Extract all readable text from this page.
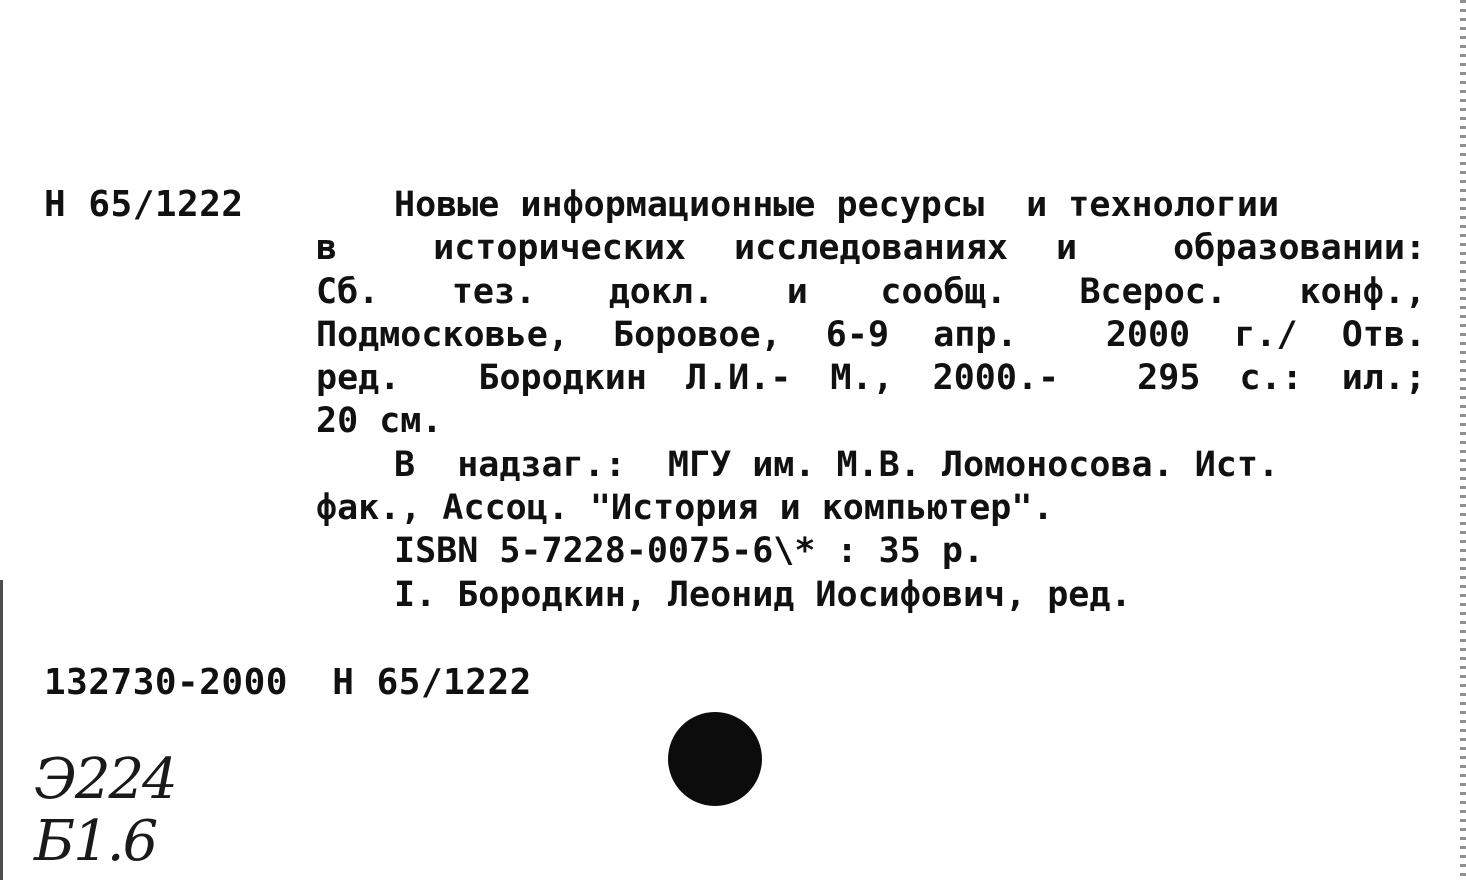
Н 65/1222	Новые информационные ресурсы  и технологии
в  исторических исследованиях и  образовании:
Сб.  тез.  докл.  и  сообщ.  Всерос.  конф.,
Подмосковье, Боровое, 6-9 апр.  2000 г./ Отв.
ред.  Бородкин Л.И.- М., 2000.-  295 с.: ил.;
20 см.
В  надзаг.:  МГУ им. М.В. Ломоносова. Ист.
фак., Ассоц. "История и компьютер".
ISBN 5-7228-0075-6\* : 35 р.
I. Бородкин, Леонид Иосифович, ред.
132730-2000  Н 65/1222
Э224
Б1.6
